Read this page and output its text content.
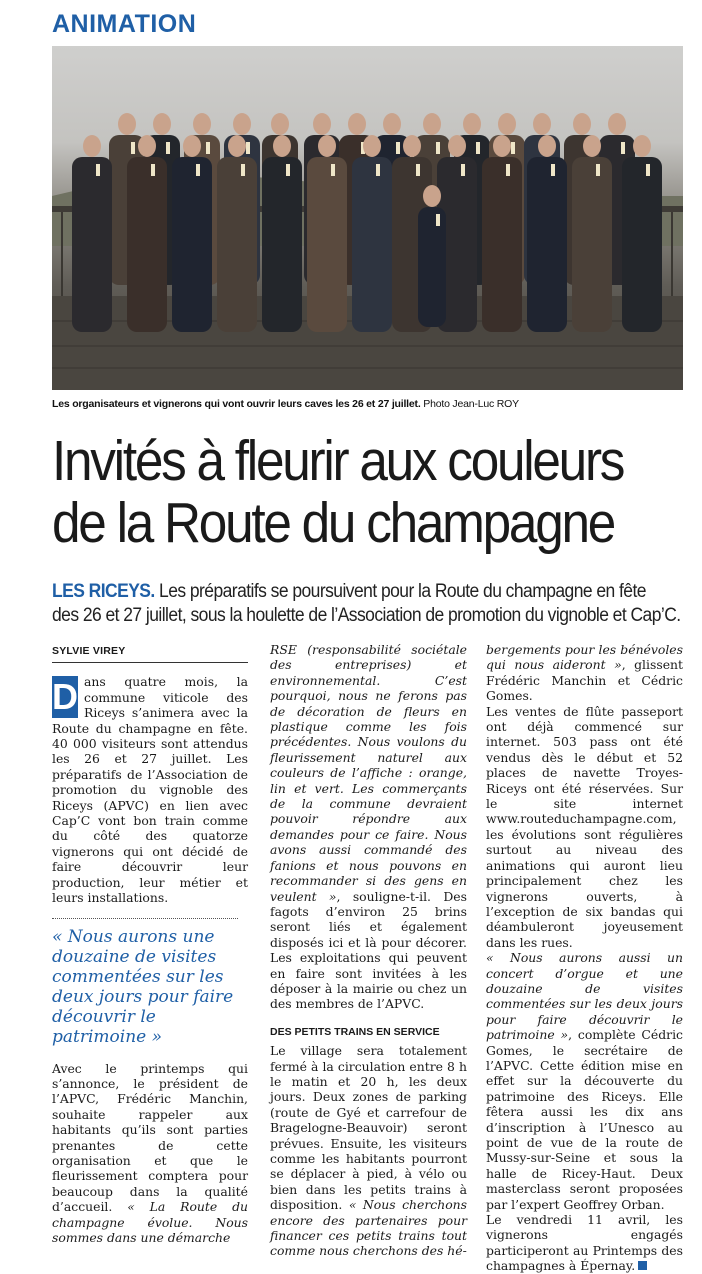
ANIMATION
Les organisateurs et vignerons qui vont ouvrir leurs caves les 26 et 27 juillet. Photo Jean-Luc ROY
Invités à fleurir aux couleurs
de la Route du champagne
LES RICEYS. Les préparatifs se poursuivent pour la Route du champagne en fête
des 26 et 27 juillet, sous la houlette de l’Association de promotion du vignoble et Cap’C.
SYLVIE VIREY

D ans quatre mois, la commune viticole des Riceys s’animera avec la Route du champagne en fête. 40 000 visiteurs sont attendus les 26 et 27 juillet. Les préparatifs de l’Association de promotion du vignoble des Riceys (APVC) en lien avec Cap’C vont bon train comme du côté des quatorze vignerons qui ont décidé de faire découvrir leur production, leur métier et leurs installations.

« Nous aurons une douzaine de visites commentées sur les deux jours pour faire découvrir le patrimoine »

Avec le printemps qui s’annonce, le président de l’APVC, Frédéric Manchin, souhaite rappeler aux habitants qu’ils sont parties prenantes de cette organisation et que le fleurissement comptera pour beaucoup dans la qualité d’accueil. « La Route du champagne évolue. Nous sommes dans une démarche

RSE (responsabilité sociétale des entreprises) et environnemental. C’est pourquoi, nous ne ferons pas de décoration de fleurs en plastique comme les fois précédentes. Nous voulons du fleurissement naturel aux couleurs de l’affiche : orange, lin et vert. Les commerçants de la commune devraient pouvoir répondre aux demandes pour ce faire. Nous avons aussi commandé des fanions et nous pouvons en recommander si des gens en veulent », souligne-t-il. Des fagots d’environ 25 brins seront liés et également disposés ici et là pour décorer. Les exploitations qui peuvent en faire sont invitées à les déposer à la mairie ou chez un des membres de l’APVC.

DES PETITS TRAINS EN SERVICE

Le village sera totalement fermé à la circulation entre 8 h le matin et 20 h, les deux jours. Deux zones de parking (route de Gyé et carrefour de Bragelogne-Beauvoir) seront prévues. Ensuite, les visiteurs comme les habitants pourront se déplacer à pied, à vélo ou bien dans les petits trains à disposition. « Nous cherchons encore des partenaires pour financer ces petits trains tout comme nous cherchons des hé-

bergements pour les bénévoles qui nous aideront », glissent Frédéric Manchin et Cédric Gomes.

Les ventes de flûte passeport ont déjà commencé sur internet. 503 pass ont été vendus dès le début et 52 places de navette Troyes-Riceys ont été réservées. Sur le site internet www.routeduchampagne.com, les évolutions sont régulières surtout au niveau des animations qui auront lieu principalement chez les vignerons ouverts, à l’exception de six bandas qui déambuleront joyeusement dans les rues.

« Nous aurons aussi un concert d’orgue et une douzaine de visites commentées sur les deux jours pour faire découvrir le patrimoine », complète Cédric Gomes, le secrétaire de l’APVC. Cette édition mise en effet sur la découverte du patrimoine des Riceys. Elle fêtera aussi les dix ans d’inscription à l’Unesco au point de vue de la route de Mussy-sur-Seine et sous la halle de Ricey-Haut. Deux masterclass seront proposées par l’expert Geoffrey Orban.

Le vendredi 11 avril, les vignerons engagés participeront au Printemps des champagnes à Épernay.
